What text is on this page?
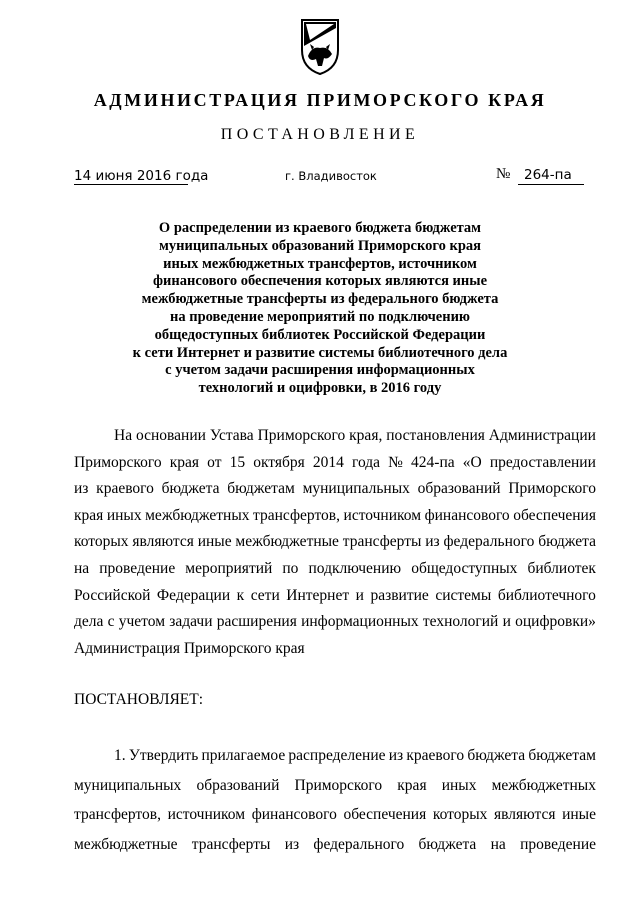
АДМИНИСТРАЦИЯ ПРИМОРСКОГО КРАЯ
ПОСТАНОВЛЕНИЕ
14 июня 2016 года	г. Владивосток	№ 264-па
О распределении из краевого бюджета бюджетам
муниципальных образований Приморского края
иных межбюджетных трансфертов, источником
финансового обеспечения которых являются иные
межбюджетные трансферты из федерального бюджета
на проведение мероприятий по подключению
общедоступных библиотек Российской Федерации
к сети Интернет и развитие системы библиотечного дела
с учетом задачи расширения информационных
технологий и оцифровки, в 2016 году
На основании Устава Приморского края, постановления Администрации
Приморского края от 15 октября 2014 года № 424-па «О предоставлении
из краевого бюджета бюджетам муниципальных образований Приморского
края иных межбюджетных трансфертов, источником финансового обеспечения
которых являются иные межбюджетные трансферты из федерального бюджета
на проведение мероприятий по подключению общедоступных библиотек
Российской Федерации к сети Интернет и развитие системы библиотечного
дела с учетом задачи расширения информационных технологий и оцифровки»
Администрация Приморского края
ПОСТАНОВЛЯЕТ:
1. Утвердить прилагаемое распределение из краевого бюджета бюджетам
муниципальных образований Приморского края иных межбюджетных
трансфертов, источником финансового обеспечения которых являются иные
межбюджетные трансферты из федерального бюджета на проведение
